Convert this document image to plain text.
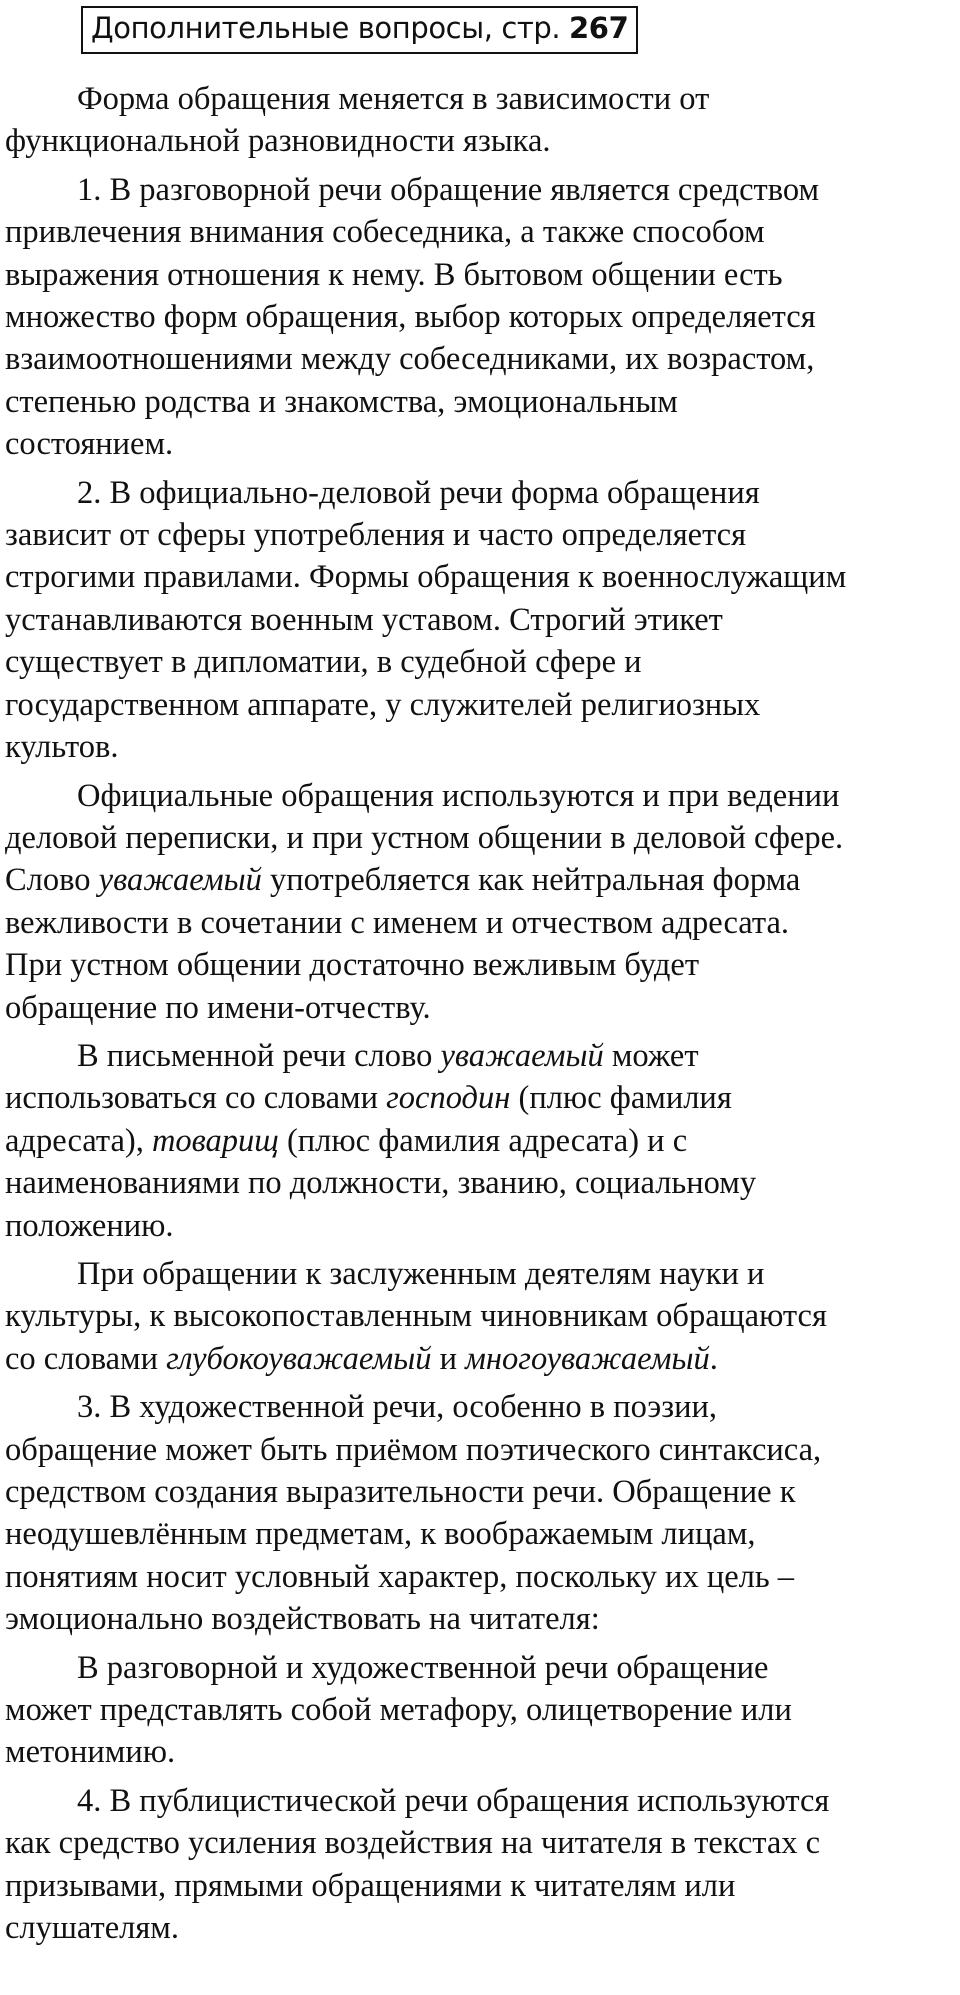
Дополнительные вопросы, стр. 267

Форма обращения меняется в зависимости от
функциональной разновидности языка.

1. В разговорной речи обращение является средством
привлечения внимания собеседника, а также способом
выражения отношения к нему. В бытовом общении есть
множество форм обращения, выбор которых определяется
взаимоотношениями между собеседниками, их возрастом,
степенью родства и знакомства, эмоциональным
состоянием.

2. В официально-деловой речи форма обращения
зависит от сферы употребления и часто определяется
строгими правилами. Формы обращения к военнослужащим
устанавливаются военным уставом. Строгий этикет
существует в дипломатии, в судебной сфере и
государственном аппарате, у служителей религиозных
культов.

Официальные обращения используются и при ведении
деловой переписки, и при устном общении в деловой сфере.
Слово уважаемый употребляется как нейтральная форма
вежливости в сочетании с именем и отчеством адресата.
При устном общении достаточно вежливым будет
обращение по имени-отчеству.

В письменной речи слово уважаемый может
использоваться со словами господин (плюс фамилия
адресата), товарищ (плюс фамилия адресата) и с
наименованиями по должности, званию, социальному
положению.

При обращении к заслуженным деятелям науки и
культуры, к высокопоставленным чиновникам обращаются
со словами глубокоуважаемый и многоуважаемый.

3. В художественной речи, особенно в поэзии,
обращение может быть приёмом поэтического синтаксиса,
средством создания выразительности речи. Обращение к
неодушевлённым предметам, к воображаемым лицам,
понятиям носит условный характер, поскольку их цель –
эмоционально воздействовать на читателя:

В разговорной и художественной речи обращение
может представлять собой метафору, олицетворение или
метонимию.

4. В публицистической речи обращения используются
как средство усиления воздействия на читателя в текстах с
призывами, прямыми обращениями к читателям или
слушателям.
